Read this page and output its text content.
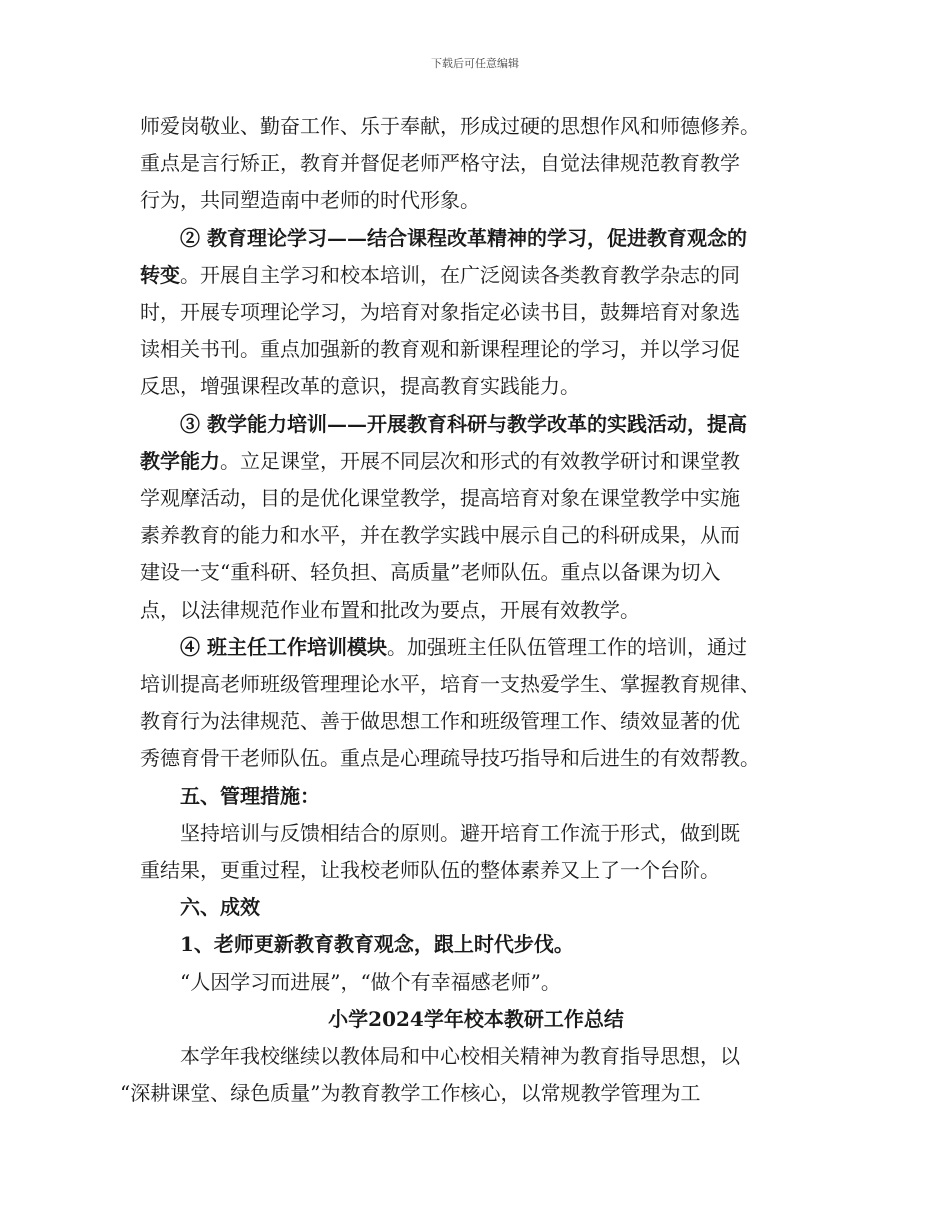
下载后可任意编辑

师爱岗敬业、勤奋工作、乐于奉献，形成过硬的思想作风和师德修养。

重点是言行矫正，教育并督促老师严格守法，自觉法律规范教育教学

行为，共同塑造南中老师的时代形象。

② 教育理论学习——结合课程改革精神的学习，促进教育观念的

转变。开展自主学习和校本培训，在广泛阅读各类教育教学杂志的同

时，开展专项理论学习，为培育对象指定必读书目，鼓舞培育对象选

读相关书刊。重点加强新的教育观和新课程理论的学习，并以学习促

反思，增强课程改革的意识，提高教育实践能力。

③ 教学能力培训——开展教育科研与教学改革的实践活动，提高

教学能力。立足课堂，开展不同层次和形式的有效教学研讨和课堂教

学观摩活动，目的是优化课堂教学，提高培育对象在课堂教学中实施

素养教育的能力和水平，并在教学实践中展示自己的科研成果，从而

建设一支“重科研、轻负担、高质量”老师队伍。重点以备课为切入

点，以法律规范作业布置和批改为要点，开展有效教学。

④ 班主任工作培训模块。加强班主任队伍管理工作的培训，通过

培训提高老师班级管理理论水平，培育一支热爱学生、掌握教育规律、

教育行为法律规范、善于做思想工作和班级管理工作、绩效显著的优

秀德育骨干老师队伍。重点是心理疏导技巧指导和后进生的有效帮教。

五、管理措施：

坚持培训与反馈相结合的原则。避开培育工作流于形式，做到既

重结果，更重过程，让我校老师队伍的整体素养又上了一个台阶。

六、成效

1、老师更新教育教育观念，跟上时代步伐。

“人因学习而进展”，“做个有幸福感老师”。

小学2024学年校本教研工作总结

本学年我校继续以教体局和中心校相关精神为教育指导思想，以

“深耕课堂、绿色质量”为教育教学工作核心，以常规教学管理为工
